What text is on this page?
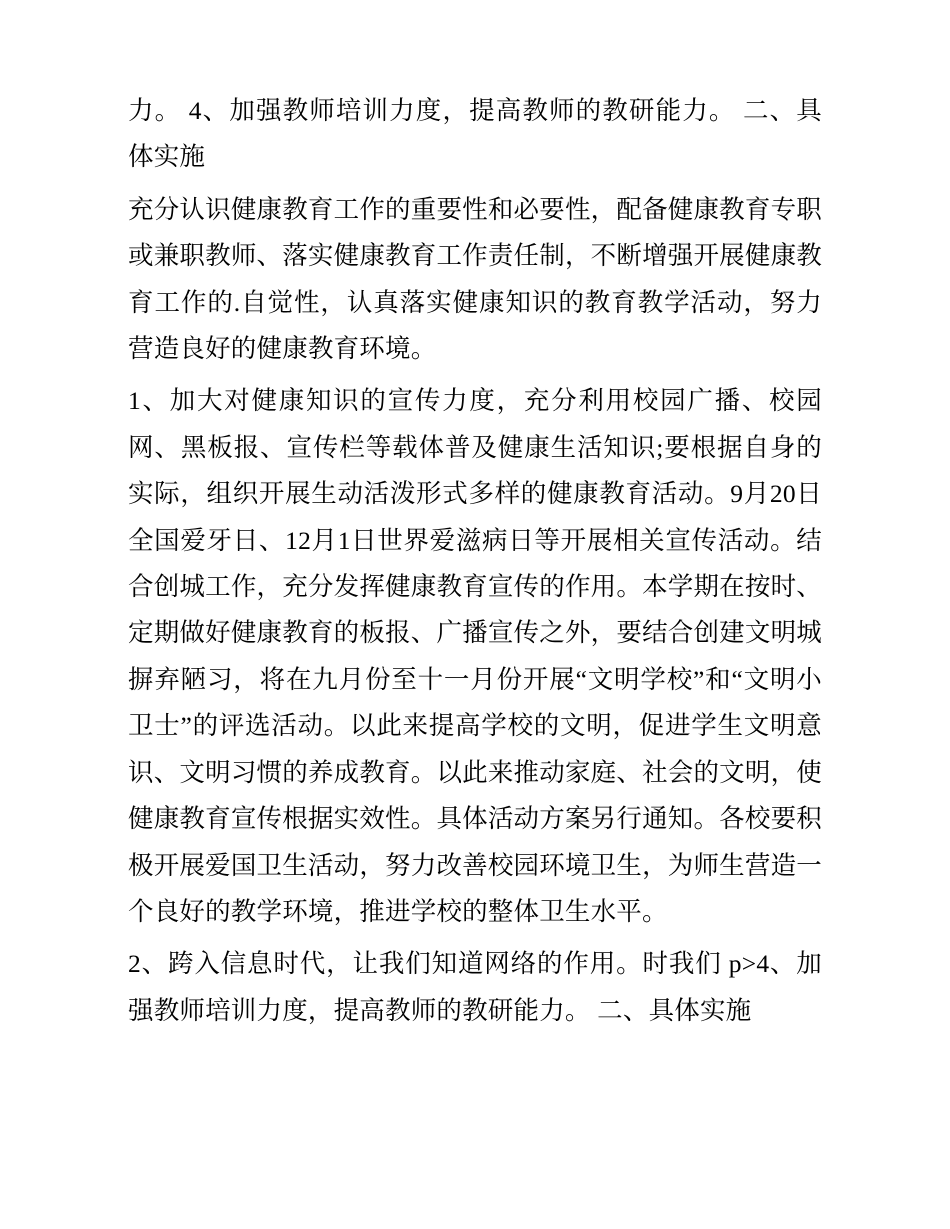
力。 4、加强教师培训力度，提高教师的教研能力。 二、具体实施

充分认识健康教育工作的重要性和必要性，配备健康教育专职或兼职教师、落实健康教育工作责任制，不断增强开展健康教育工作的.自觉性，认真落实健康知识的教育教学活动，努力营造良好的健康教育环境。

1、加大对健康知识的宣传力度，充分利用校园广播、校园网、黑板报、宣传栏等载体普及健康生活知识;要根据自身的实际，组织开展生动活泼形式多样的健康教育活动。9月20日全国爱牙日、12月1日世界爱滋病日等开展相关宣传活动。结合创城工作，充分发挥健康教育宣传的作用。本学期在按时、定期做好健康教育的板报、广播宣传之外，要结合创建文明城摒弃陋习，将在九月份至十一月份开展“文明学校”和“文明小卫士”的评选活动。以此来提高学校的文明，促进学生文明意识、文明习惯的养成教育。以此来推动家庭、社会的文明，使健康教育宣传根据实效性。具体活动方案另行通知。各校要积极开展爱国卫生活动，努力改善校园环境卫生，为师生营造一个良好的教学环境，推进学校的整体卫生水平。

2、跨入信息时代，让我们知道网络的作用。时我们 p>4、加强教师培训力度，提高教师的教研能力。 二、具体实施
